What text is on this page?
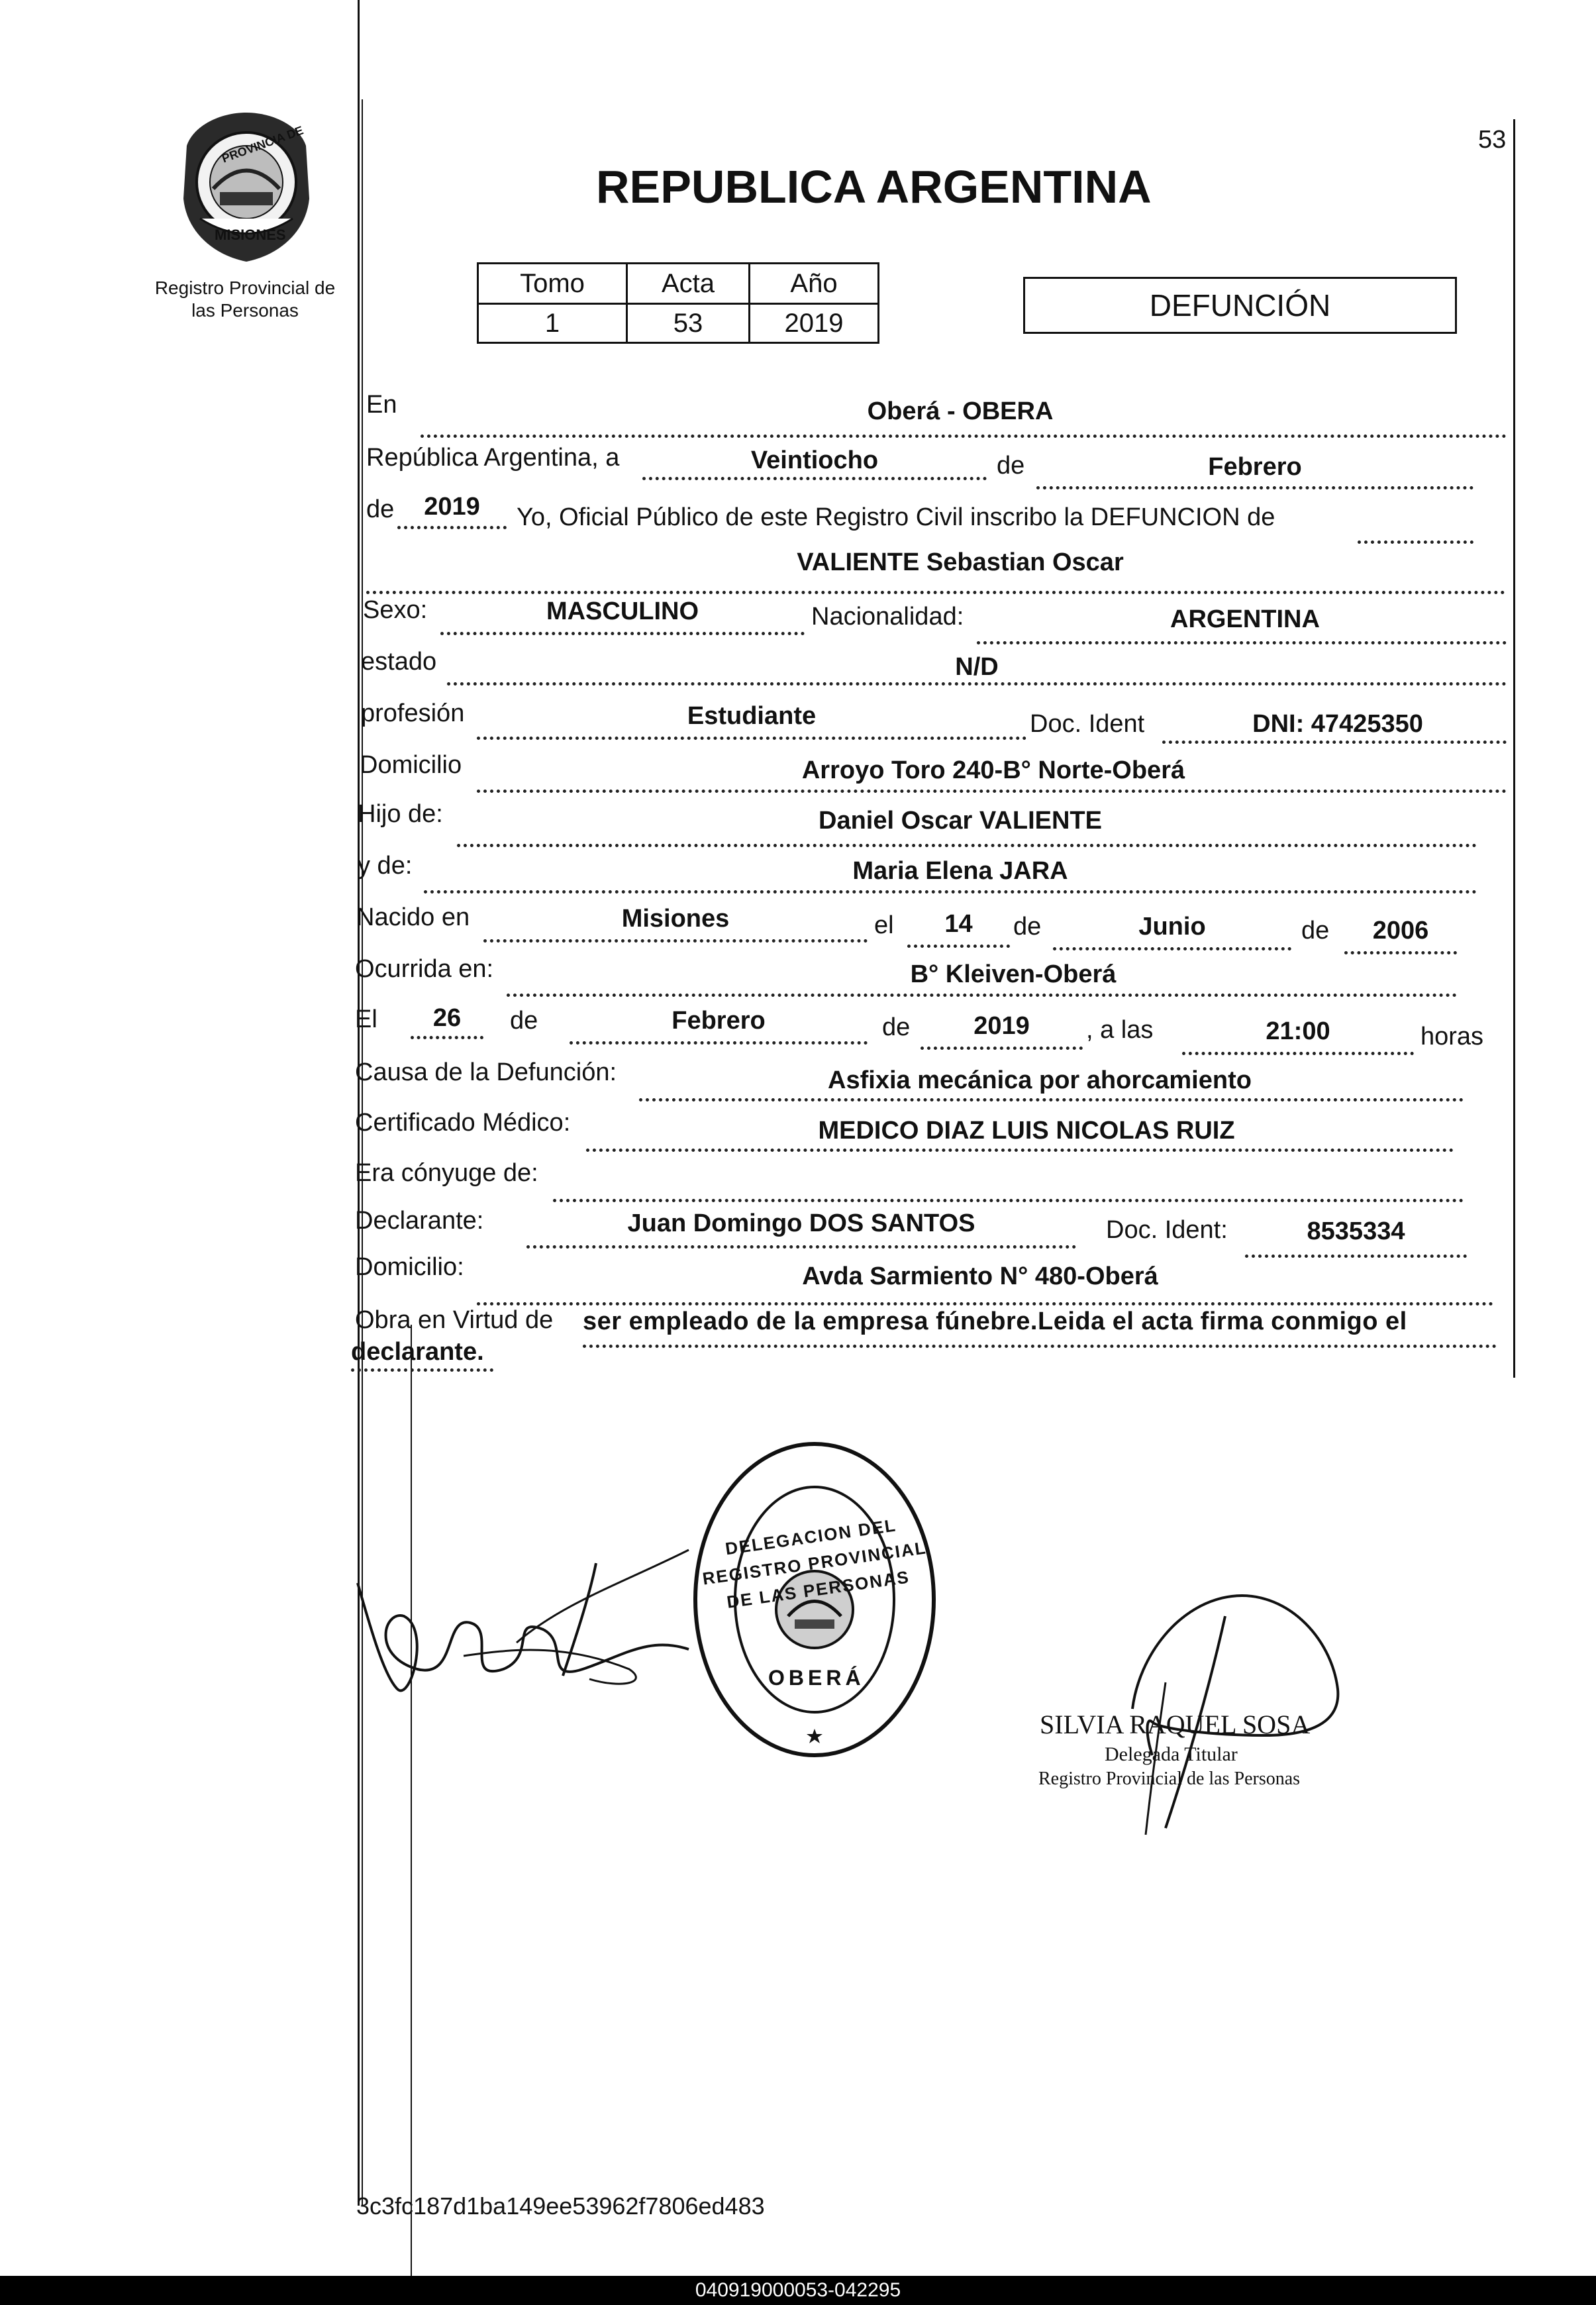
53
PROVINCIA DE
MISIONES
Registro Provincial de
las Personas
REPUBLICA ARGENTINA
Tomo	Acta	Año
1	53	2019
DEFUNCIÓN
En	Oberá - OBERA
República Argentina, a	Veintiocho	de	Febrero
de	2019	Yo, Oficial Público de este Registro Civil inscribo la DEFUNCION de
VALIENTE Sebastian Oscar
Sexo:	MASCULINO	Nacionalidad:	ARGENTINA
estado	N/D
profesión	Estudiante	Doc. Ident	DNI: 47425350
Domicilio	Arroyo Toro 240-B° Norte-Oberá
Hijo de:	Daniel Oscar VALIENTE
y de:	Maria Elena JARA
Nacido en	Misiones	el	14	de	Junio	de	2006
Ocurrida en:	B° Kleiven-Oberá
El	26	de	Febrero	de	2019	, a las	21:00	horas
Causa de la Defunción:	Asfixia mecánica por ahorcamiento
Certificado Médico:	MEDICO DIAZ LUIS NICOLAS RUIZ
Era cónyuge de:
Declarante:	Juan Domingo DOS SANTOS	Doc. Ident:	8535334
Domicilio:	Avda Sarmiento N° 480-Oberá
Obra en Virtud de ser empleado de la empresa fúnebre.Leida el acta firma conmigo el
declarante.
DELEGACION DEL REGISTRO PROVINCIAL DE LAS PERSONAS
OBERÁ
SILVIA RAQUEL SOSA
Delegada Titular
Registro Provincial de las Personas
3c3fc187d1ba149ee53962f7806ed483
040919000053-042295
